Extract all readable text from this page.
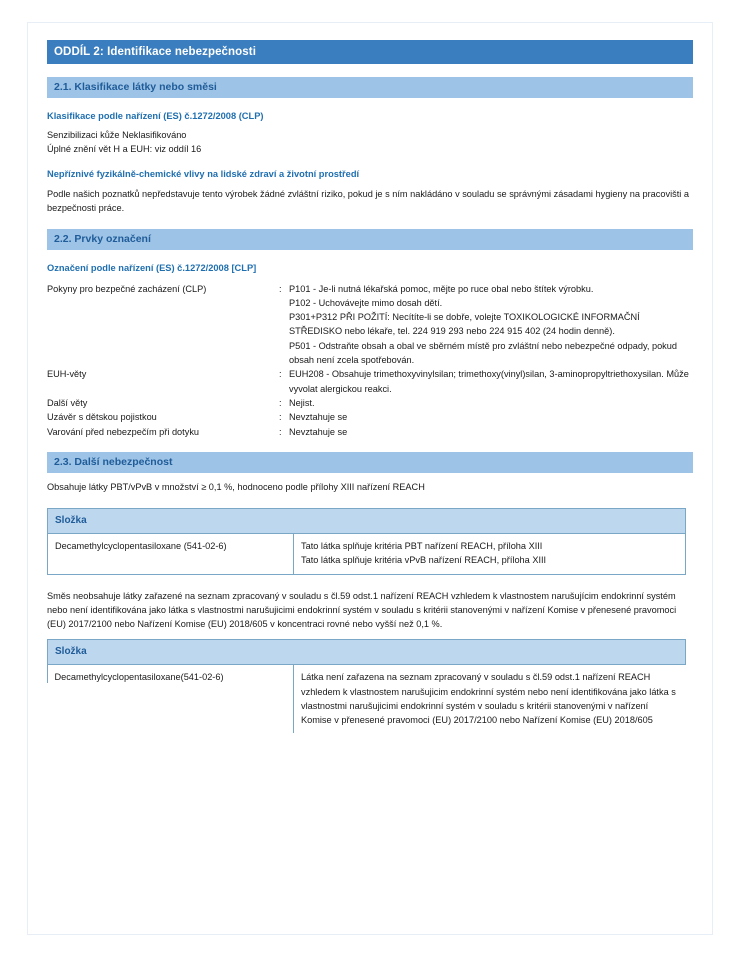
ODDÍL 2: Identifikace nebezpečnosti
2.1. Klasifikace látky nebo směsi
Klasifikace podle nařízení (ES) č.1272/2008 (CLP)
Senzibilizaci kůže Neklasifikováno
Úplné znění vět H a EUH: viz oddíl 16
Nepříznivé fyzikálně-chemické vlivy na lidské zdraví a životní prostředí
Podle našich poznatků nepředstavuje tento výrobek žádné zvláštní riziko, pokud je s ním nakládáno v souladu se správnými zásadami hygieny na pracovišti a bezpečnosti práce.
2.2. Prvky označení
Označení podle nařízení (ES) č.1272/2008 [CLP]
Pokyny pro bezpečné zacházení (CLP)	: P101 - Je-li nutná lékařská pomoc, mějte po ruce obal nebo štítek výrobku.
P102 - Uchovávejte mimo dosah dětí.
P301+P312 PŘI POŽITÍ: Necítíte-li se dobře, volejte TOXIKOLOGICKÉ INFORMAČNÍ STŘEDISKO nebo lékaře, tel. 224 919 293 nebo 224 915 402 (24 hodin denně).
P501 - Odstraňte obsah a obal ve sběrném místě pro zvláštní nebo nebezpečné odpady, pokud obsah není zcela spotřebován.
EUH-věty	: EUH208 - Obsahuje trimethoxyvinylsilan; trimethoxy(vinyl)silan, 3-aminopropyltriethoxysilan. Může vyvolat alergickou reakci.
Další věty	: Nejist.
Uzávěr s dětskou pojistkou	: Nevztahuje se
Varování před nebezpečím při dotyku	: Nevztahuje se
2.3. Další nebezpečnost
Obsahuje látky PBT/vPvB v množství ≥ 0,1 %, hodnoceno podle přílohy XIII nařízení REACH
Složka
Decamethylcyclopentasiloxane (541-02-6)	Tato látka splňuje kritéria PBT nařízení REACH, příloha XIII
Tato látka splňuje kritéria vPvB nařízení REACH, příloha XIII
Směs neobsahuje látky zařazené na seznam zpracovaný v souladu s čl.59 odst.1 nařízení REACH vzhledem k vlastnostem narušujícim endokrinní systém nebo není identifikována jako látka s vlastnostmi narušujicimi endokrinní systém v souladu s kritérii stanovenými v nařízení Komise v přenesené pravomoci (EU) 2017/2100 nebo Nařízení Komise (EU) 2018/605 v koncentraci rovné nebo vyšší než 0,1 %.
Složka
Decamethylcyclopentasiloxane(541-02-6)	Látka není zařazena na seznam zpracovaný v souladu s čl.59 odst.1 nařízení REACH vzhledem k vlastnostem narušujicim endokrinní systém nebo není identifikována jako látka s vlastnostmi narušujicimi endokrinní systém v souladu s kritérii stanovenými v nařízení Komise v přenesené pravomoci (EU) 2017/2100 nebo Nařízení Komise (EU) 2018/605
